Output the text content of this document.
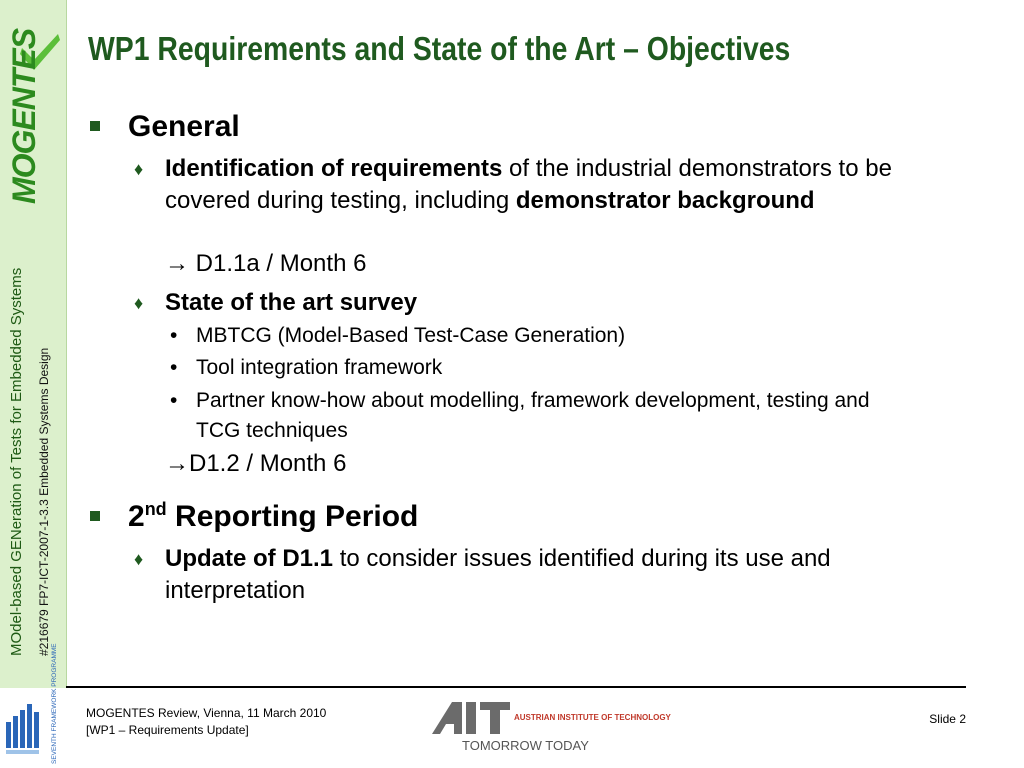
MOGENTES
MOdel-based GENeration of Tests for Embedded Systems #216679 FP7-ICT-2007-1-3.3 Embedded Systems Design
WP1 Requirements and State of the Art – Objectives
General
♦ Identification of requirements of the industrial demonstrators to be covered during testing, including demonstrator background
→ D1.1a / Month 6
♦ State of the art survey
• MBTCG (Model-Based Test-Case Generation)
• Tool integration framework
• Partner know-how about modelling, framework development, testing and TCG techniques
→D1.2 / Month 6
2nd Reporting Period
♦ Update of D1.1 to consider issues identified during its use and interpretation
SEVENTH FRAMEWORK PROGRAMME MOGENTES Review, Vienna, 11 March 2010
[WP1 – Requirements Update]
AUSTRIAN INSTITUTE OF TECHNOLOGY
TOMORROW TODAY
Slide 2
